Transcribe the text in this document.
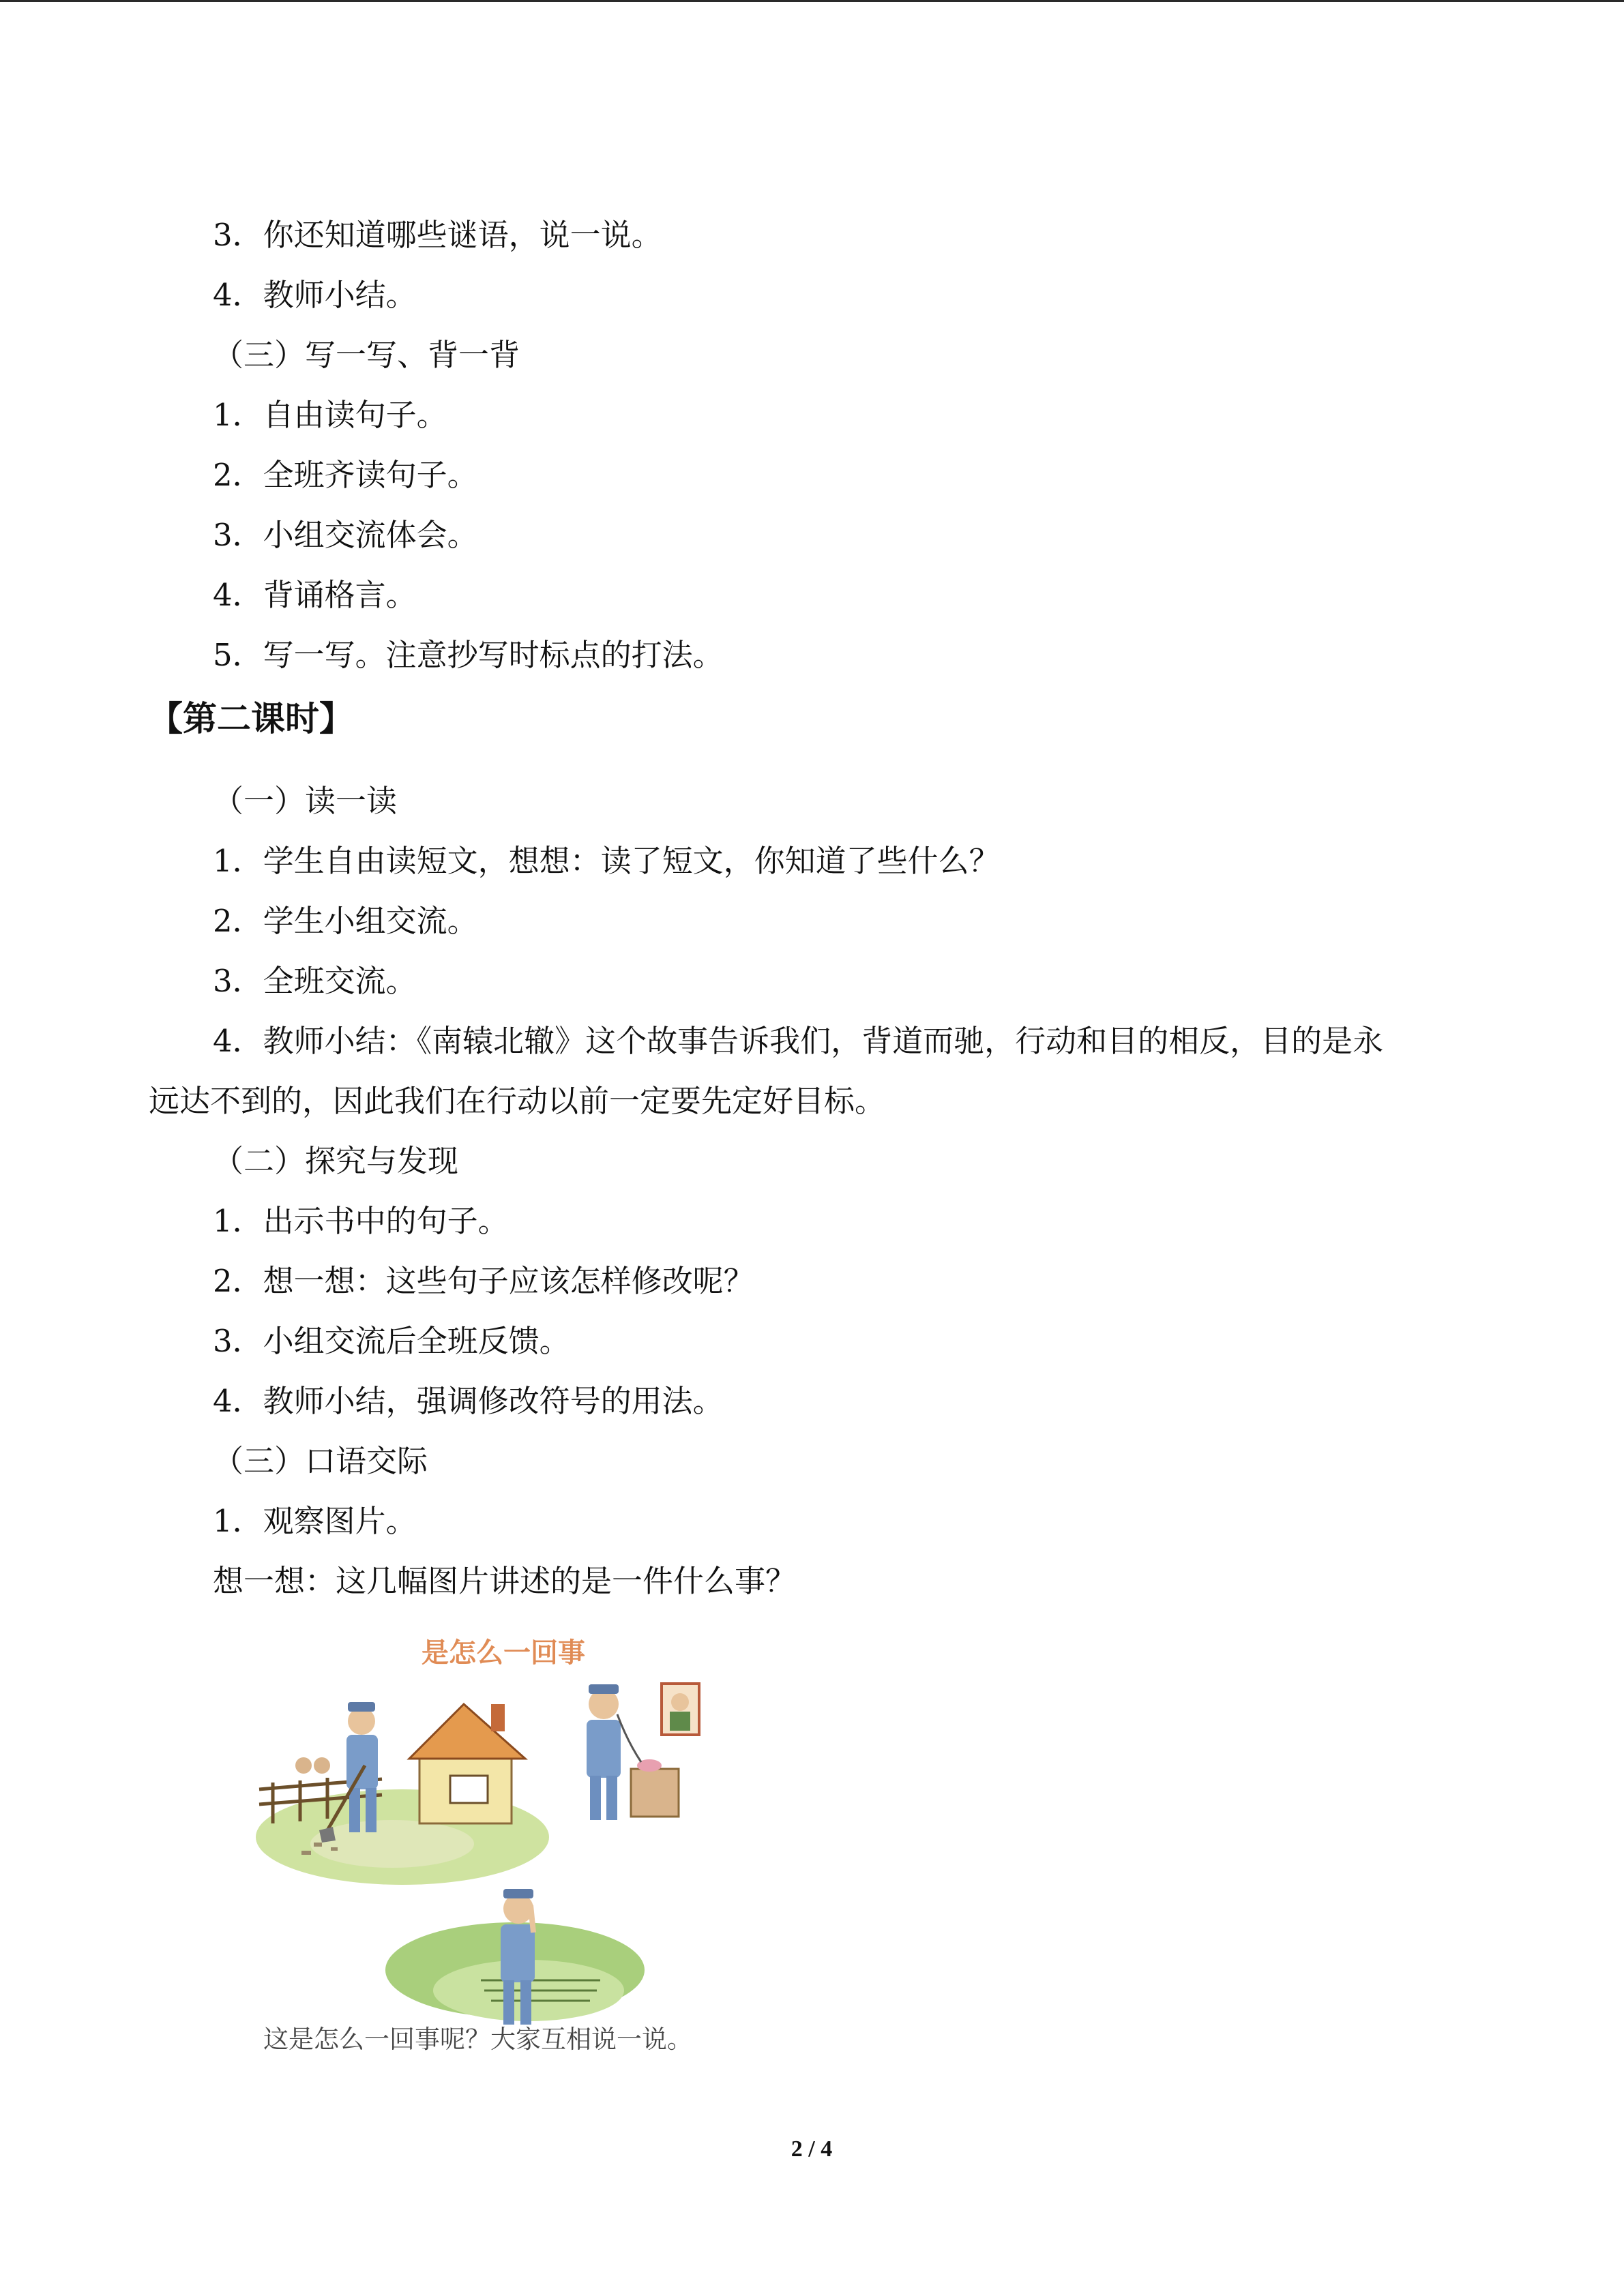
3．你还知道哪些谜语，说一说。
4．教师小结。
（三）写一写、背一背
1．自由读句子。
2．全班齐读句子。
3．小组交流体会。
4．背诵格言。
5．写一写。注意抄写时标点的打法。
【第二课时】
（一）读一读
1．学生自由读短文，想想：读了短文，你知道了些什么？
2．学生小组交流。
3．全班交流。
4．教师小结：《南辕北辙》这个故事告诉我们，背道而驰，行动和目的相反，目的是永
远达不到的，因此我们在行动以前一定要先定好目标。
（二）探究与发现
1．出示书中的句子。
2．想一想：这些句子应该怎样修改呢？
3．小组交流后全班反馈。
4．教师小结，强调修改符号的用法。
（三）口语交际
1．观察图片。
想一想：这几幅图片讲述的是一件什么事？
是怎么一回事
这是怎么一回事呢？大家互相说一说。
2 / 4
